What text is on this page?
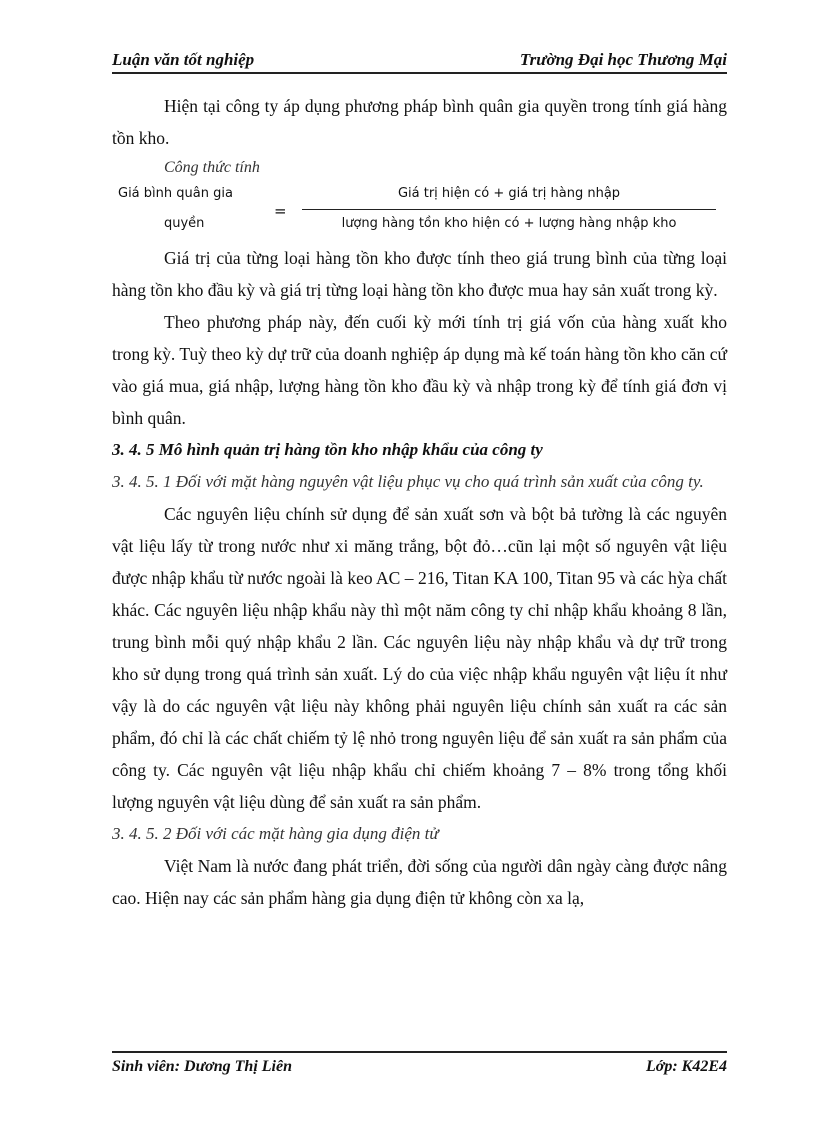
Luận văn tốt nghiệp	Trường Đại học Thương Mại

Hiện tại công ty áp dụng phương pháp bình quân gia quyền trong tính giá hàng tồn kho.

Công thức tính

Giá bình quân gia
quyền
=
Giá trị hiện có + giá trị hàng nhập
lượng hàng tồn kho hiện có + lượng hàng nhập kho

Giá trị của từng loại hàng tồn kho được tính theo giá trung bình của từng loại hàng tồn kho đầu kỳ và giá trị từng loại hàng tồn kho được mua hay sản xuất trong kỳ.

Theo phương pháp này, đến cuối kỳ mới tính trị giá vốn của hàng xuất kho trong kỳ. Tuỳ theo kỳ dự trữ của doanh nghiệp áp dụng mà kế toán hàng tồn kho căn cứ vào giá mua, giá nhập, lượng hàng tồn kho đầu kỳ và nhập trong kỳ để tính giá đơn vị bình quân.

3. 4. 5 Mô hình quản trị hàng tồn kho nhập khẩu của công ty

3. 4. 5. 1 Đối với mặt hàng nguyên vật liệu phục vụ cho quá trình sản xuất của công ty.

Các nguyên liệu chính sử dụng để sản xuất sơn và bột bả tường là các nguyên vật liệu lấy từ trong nước như xi măng trắng, bột đỏ…cũn lại một số nguyên vật liệu được nhập khẩu từ nước ngoài là keo AC – 216, Titan KA 100, Titan 95 và các hỳa chất khác. Các nguyên liệu nhập khẩu này thì một năm công ty chỉ nhập khẩu khoảng 8 lần, trung bình mỗi quý nhập khẩu 2 lần. Các nguyên liệu này nhập khẩu và dự trữ trong kho sử dụng trong quá trình sản xuất. Lý do của việc nhập khẩu nguyên vật liệu ít như vậy là do các nguyên vật liệu này không phải nguyên liệu chính sản xuất ra các sản phẩm, đó chỉ là các chất chiếm tỷ lệ nhỏ trong nguyên liệu để sản xuất ra sản phẩm của công ty. Các nguyên vật liệu nhập khẩu chỉ chiếm khoảng 7 – 8% trong tổng khối lượng nguyên vật liệu dùng để sản xuất ra sản phẩm.

3. 4. 5. 2 Đối với các mặt hàng gia dụng điện tử

Việt Nam là nước đang phát triển, đời sống của người dân ngày càng được nâng cao. Hiện nay các sản phẩm hàng gia dụng điện tử không còn xa lạ,

Sinh viên: Dương Thị Liên	Lớp: K42E4
